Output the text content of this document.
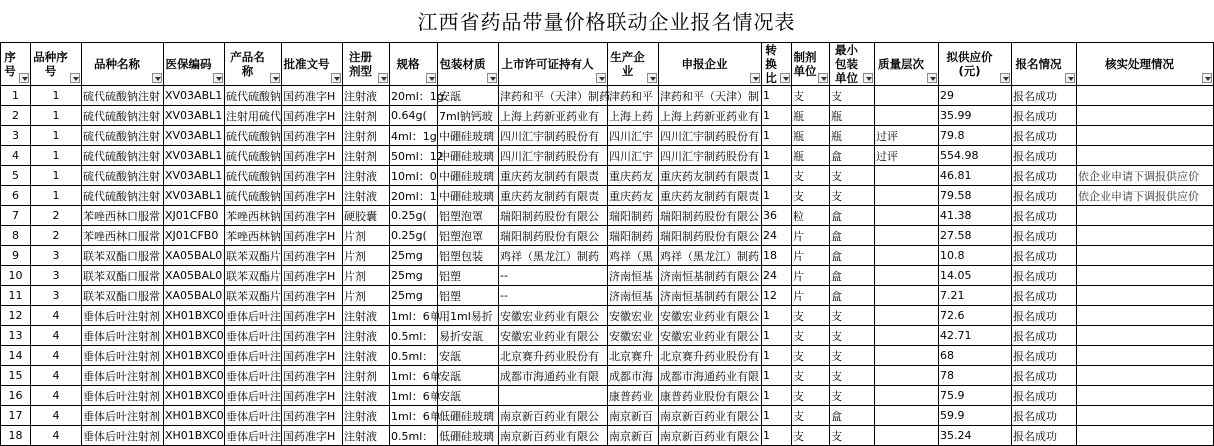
江西省药品带量价格联动企业报名情况表
序号	品种序号	品种名称	医保编码	产品名称	批准文号	注册剂型	规格	包装材质	上市许可证持有人	生产企业	申报企业	转换比	制剂单位	最小包装单位	质量层次	拟供应价(元)	报名情况	核实处理情况

1	1	硫代硫酸钠注射	XV03ABL1	硫代硫酸钠	国药准字H	注射液	20ml：1g	安瓿	津药和平（天津）制药	津药和平	津药和平（天津）制	1	支	支		29	报名成功	
2	1	硫代硫酸钠注射	XV03ABL1	注射用硫代	国药准字H	注射剂	0.64g(	7ml钠钙玻	上海上药新亚药业有	上海上药	上海上药新亚药业有	1	瓶	瓶		35.99	报名成功	
3	1	硫代硫酸钠注射	XV03ABL1	硫代硫酸钠	国药准字H	注射剂	4ml：1g	中硼硅玻璃	四川汇宇制药股份有	四川汇宇	四川汇宇制药股份有	1	瓶	瓶	过评	79.8	报名成功	
4	1	硫代硫酸钠注射	XV03ABL1	硫代硫酸钠	国药准字H	注射剂	50ml：12	中硼硅玻璃	四川汇宇制药股份有	四川汇宇	四川汇宇制药股份有	1	瓶	盒	过评	554.98	报名成功	
5	1	硫代硫酸钠注射	XV03ABL1	硫代硫酸钠	国药准字H	注射液	10ml：0	中硼硅玻璃	重庆药友制药有限责	重庆药友	重庆药友制药有限责	1	支	支		46.81	报名成功	依企业申请下调报供应价
6	1	硫代硫酸钠注射	XV03ABL1	硫代硫酸钠	国药准字H	注射液	20ml：1	中硼硅玻璃	重庆药友制药有限责	重庆药友	重庆药友制药有限责	1	支	支		79.58	报名成功	依企业申请下调报供应价
7	2	苯唑西林口服常	XJ01CFB0	苯唑西林钠	国药准字H	硬胶囊	0.25g(	铝塑泡罩	瑞阳制药股份有限公	瑞阳制药	瑞阳制药股份有限公	36	粒	盒		41.38	报名成功	
8	2	苯唑西林口服常	XJ01CFB0	苯唑西林钠	国药准字H	片剂	0.25g(	铝塑泡罩	瑞阳制药股份有限公	瑞阳制药	瑞阳制药股份有限公	24	片	盒		27.58	报名成功	
9	3	联苯双酯口服常	XA05BAL0	联苯双酯片	国药准字H	片剂	25mg	铝塑包装	鸡祥（黑龙江）制药	鸡祥（黑	鸡祥（黑龙江）制药	18	片	盒		10.8	报名成功	
10	3	联苯双酯口服常	XA05BAL0	联苯双酯片	国药准字H	片剂	25mg	铝塑	--	济南恒基	济南恒基制药有限公	24	片	盒		14.05	报名成功	
11	3	联苯双酯口服常	XA05BAL0	联苯双酯片	国药准字H	片剂	25mg	铝塑	--	济南恒基	济南恒基制药有限公	12	片	盒		7.21	报名成功	
12	4	垂体后叶注射剂	XH01BXC0	垂体后叶注	国药准字H	注射液	1ml：6单	用1ml易折	安徽宏业药业有限公	安徽宏业	安徽宏业药业有限公	1	支	支		72.6	报名成功	
13	4	垂体后叶注射剂	XH01BXC0	垂体后叶注	国药准字H	注射液	0.5ml：	易折安瓿	安徽宏业药业有限公	安徽宏业	安徽宏业药业有限公	1	支	支		42.71	报名成功	
14	4	垂体后叶注射剂	XH01BXC0	垂体后叶注	国药准字H	注射液	0.5ml：	安瓿	北京赛升药业股份有	北京赛升	北京赛升药业股份有	1	支	支		68	报名成功	
15	4	垂体后叶注射剂	XH01BXC0	垂体后叶注	国药准字H	注射剂	1ml：6单	安瓿	成都市海通药业有限	成都市海	成都市海通药业有限	1	支	支		78	报名成功	
16	4	垂体后叶注射剂	XH01BXC0	垂体后叶注	国药准字H	注射液	1ml：6单	安瓿		康普药业	康普药业股份有限公	1	支	支		75.9	报名成功	
17	4	垂体后叶注射剂	XH01BXC0	垂体后叶注	国药准字H	注射液	1ml：6单	低硼硅玻璃	南京新百药业有限公	南京新百	南京新百药业有限公	1	支	盒		59.9	报名成功	
18	4	垂体后叶注射剂	XH01BXC0	垂体后叶注	国药准字H	注射液	0.5ml：	低硼硅玻璃	南京新百药业有限公	南京新百	南京新百药业有限公	1	支	支		35.24	报名成功	
